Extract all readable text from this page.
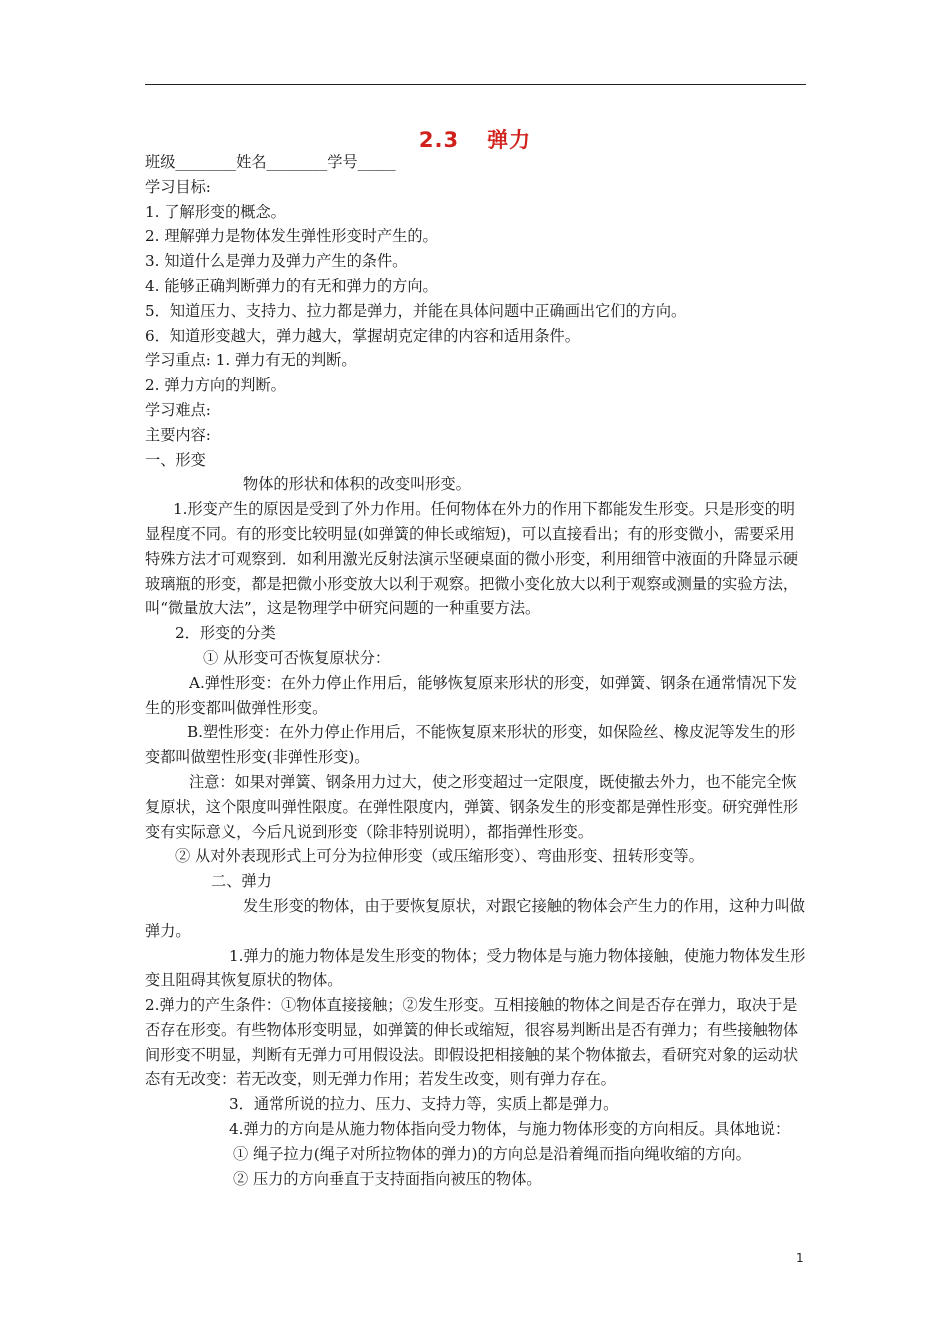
2.3 弹力

班级________姓名________学号_____

学习目标:

1. 了解形变的概念。

2. 理解弹力是物体发生弹性形变时产生的。

3. 知道什么是弹力及弹力产生的条件。

4. 能够正确判断弹力的有无和弹力的方向。

5．知道压力、支持力、拉力都是弹力，并能在具体问题中正确画出它们的方向。

6．知道形变越大，弹力越大，掌握胡克定律的内容和适用条件。

学习重点: 1. 弹力有无的判断。

2. 弹力方向的判断。

学习难点:

主要内容:

一、形变

物体的形状和体积的改变叫形变。

1.形变产生的原因是受到了外力作用。任何物体在外力的作用下都能发生形变。只是形变的明显程度不同。有的形变比较明显(如弹簧的伸长或缩短)，可以直接看出；有的形变微小，需要采用特殊方法才可观察到．如利用激光反射法演示坚硬桌面的微小形变，利用细管中液面的升降显示硬玻璃瓶的形变，都是把微小形变放大以利于观察。把微小变化放大以利于观察或测量的实验方法，叫“微量放大法”，这是物理学中研究问题的一种重要方法。

2．形变的分类

① 从形变可否恢复原状分：

A.弹性形变：在外力停止作用后，能够恢复原来形状的形变，如弹簧、钢条在通常情况下发生的形变都叫做弹性形变。

B.塑性形变：在外力停止作用后，不能恢复原来形状的形变，如保险丝、橡皮泥等发生的形变都叫做塑性形变(非弹性形变)。

注意：如果对弹簧、钢条用力过大，使之形变超过一定限度，既使撤去外力，也不能完全恢复原状，这个限度叫弹性限度。在弹性限度内，弹簧、钢条发生的形变都是弹性形变。研究弹性形变有实际意义，今后凡说到形变（除非特别说明），都指弹性形变。

② 从对外表现形式上可分为拉伸形变（或压缩形变）、弯曲形变、扭转形变等。

二、弹力

发生形变的物体，由于要恢复原状，对跟它接触的物体会产生力的作用，这种力叫做弹力。

1.弹力的施力物体是发生形变的物体；受力物体是与施力物体接触，使施力物体发生形变且阻碍其恢复原状的物体。

2.弹力的产生条件：①物体直接接触；②发生形变。互相接触的物体之间是否存在弹力，取决于是否存在形变。有些物体形变明显，如弹簧的伸长或缩短，很容易判断出是否有弹力；有些接触物体间形变不明显，判断有无弹力可用假设法。即假设把相接触的某个物体撤去，看研究对象的运动状态有无改变：若无改变，则无弹力作用；若发生改变，则有弹力存在。

3．通常所说的拉力、压力、支持力等，实质上都是弹力。

4.弹力的方向是从施力物体指向受力物体，与施力物体形变的方向相反。具体地说：

① 绳子拉力(绳子对所拉物体的弹力)的方向总是沿着绳而指向绳收缩的方向。

② 压力的方向垂直于支持面指向被压的物体。

1
